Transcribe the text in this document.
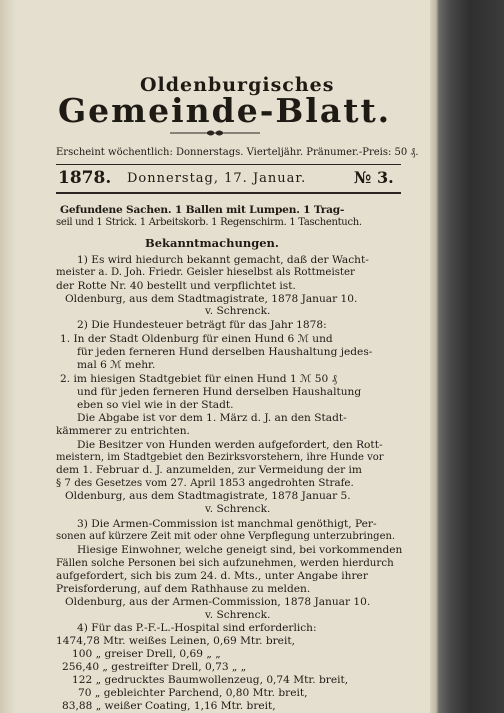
Oldenburgisches
Gemeinde-Blatt.
Erscheint wöchentlich: Donnerstags. Vierteljähr. Pränumer.-Preis: 50 ₰.
1878. Donnerstag, 17. Januar.	№ 3.
Gefundene Sachen. 1 Ballen mit Lumpen. 1 Trag-
seil und 1 Strick. 1 Arbeitskorb. 1 Regenschirm. 1 Taschentuch.
Bekanntmachungen.
1) Es wird hiedurch bekannt gemacht, daß der Wacht-
meister a. D. Joh. Friedr. Geisler hieselbst als Rottmeister
der Rotte Nr. 40 bestellt und verpflichtet ist.
Oldenburg, aus dem Stadtmagistrate, 1878 Januar 10.
v. Schrenck.
2) Die Hundesteuer beträgt für das Jahr 1878:
1. In der Stadt Oldenburg für einen Hund 6 ℳ und
für jeden ferneren Hund derselben Haushaltung jedes-
mal 6 ℳ mehr.
2. im hiesigen Stadtgebiet für einen Hund 1 ℳ 50 ₰
und für jeden ferneren Hund derselben Haushaltung
eben so viel wie in der Stadt.
Die Abgabe ist vor dem 1. März d. J. an den Stadt-
kämmerer zu entrichten.
Die Besitzer von Hunden werden aufgefordert, den Rott-
meistern, im Stadtgebiet den Bezirksvorstehern, ihre Hunde vor
dem 1. Februar d. J. anzumelden, zur Vermeidung der im
§ 7 des Gesetzes vom 27. April 1853 angedrohten Strafe.
Oldenburg, aus dem Stadtmagistrate, 1878 Januar 5.
v. Schrenck.
3) Die Armen-Commission ist manchmal genöthigt, Per-
sonen auf kürzere Zeit mit oder ohne Verpflegung unterzubringen.
Hiesige Einwohner, welche geneigt sind, bei vorkommenden
Fällen solche Personen bei sich aufzunehmen, werden hierdurch
aufgefordert, sich bis zum 24. d. Mts., unter Angabe ihrer
Preisforderung, auf dem Rathhause zu melden.
Oldenburg, aus der Armen-Commission, 1878 Januar 10.
v. Schrenck.
4) Für das P.-F.-L.-Hospital sind erforderlich:
1474,78 Mtr. weißes Leinen, 0,69 Mtr. breit,
100 „ greiser Drell, 0,69 „ „
256,40 „ gestreifter Drell, 0,73 „ „
122 „ gedrucktes Baumwollenzeug, 0,74 Mtr. breit,
70 „ gebleichter Parchend, 0,80 Mtr. breit,
83,88 „ weißer Coating, 1,16 Mtr. breit,
